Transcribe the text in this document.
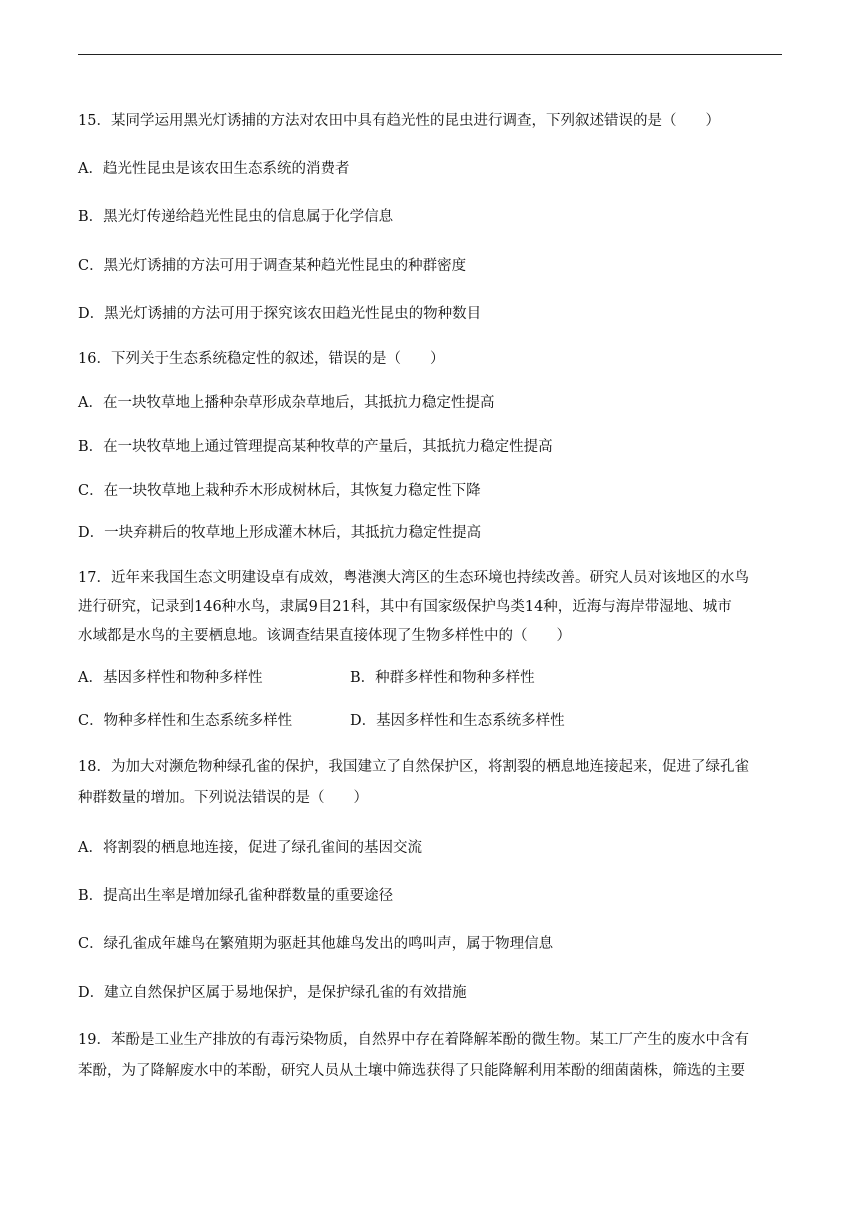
15．某同学运用黑光灯诱捕的方法对农田中具有趋光性的昆虫进行调查，下列叙述错误的是（　　）
A．趋光性昆虫是该农田生态系统的消费者
B．黑光灯传递给趋光性昆虫的信息属于化学信息
C．黑光灯诱捕的方法可用于调查某种趋光性昆虫的种群密度
D．黑光灯诱捕的方法可用于探究该农田趋光性昆虫的物种数目
16．下列关于生态系统稳定性的叙述，错误的是（　　）
A．在一块牧草地上播种杂草形成杂草地后，其抵抗力稳定性提高
B．在一块牧草地上通过管理提高某种牧草的产量后，其抵抗力稳定性提高
C．在一块牧草地上栽种乔木形成树林后，其恢复力稳定性下降
D．一块弃耕后的牧草地上形成灌木林后，其抵抗力稳定性提高
17．近年来我国生态文明建设卓有成效，粤港澳大湾区的生态环境也持续改善。研究人员对该地区的水鸟
进行研究，记录到146种水鸟，隶属9目21科，其中有国家级保护鸟类14种，近海与海岸带湿地、城市
水域都是水鸟的主要栖息地。该调查结果直接体现了生物多样性中的（　　）
A．基因多样性和物种多样性	B．种群多样性和物种多样性
C．物种多样性和生态系统多样性	D．基因多样性和生态系统多样性
18．为加大对濒危物种绿孔雀的保护，我国建立了自然保护区，将割裂的栖息地连接起来，促进了绿孔雀
种群数量的增加。下列说法错误的是（　　）
A．将割裂的栖息地连接，促进了绿孔雀间的基因交流
B．提高出生率是增加绿孔雀种群数量的重要途径
C．绿孔雀成年雄鸟在繁殖期为驱赶其他雄鸟发出的鸣叫声，属于物理信息
D．建立自然保护区属于易地保护，是保护绿孔雀的有效措施
19．苯酚是工业生产排放的有毒污染物质，自然界中存在着降解苯酚的微生物。某工厂产生的废水中含有
苯酚，为了降解废水中的苯酚，研究人员从土壤中筛选获得了只能降解利用苯酚的细菌菌株，筛选的主要
